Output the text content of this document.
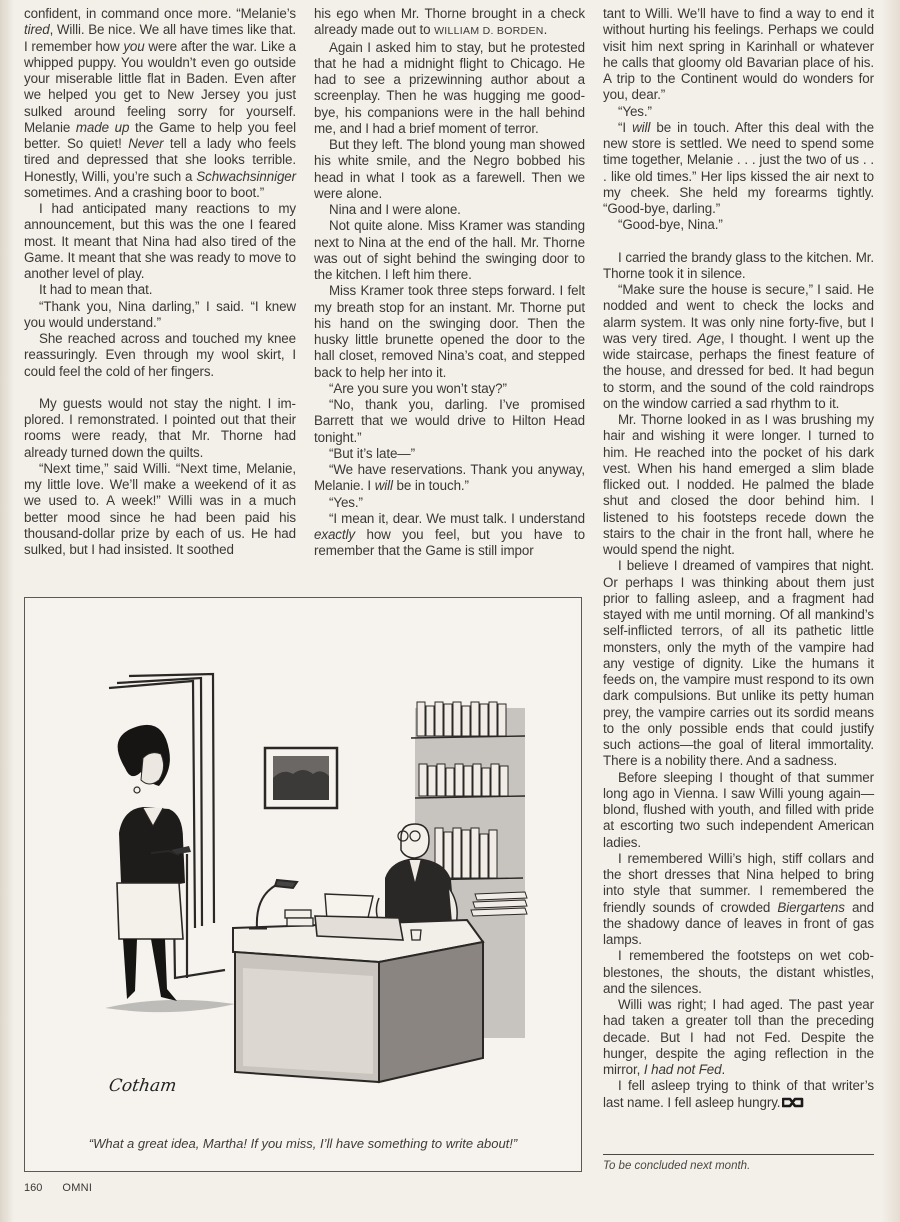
confident, in command once more. “Melanie’s tired, Willi. Be nice. We all have times like that. I remember how you were after the war. Like a whipped puppy. You wouldn’t even go outside your miserable little flat in Baden. Even after we helped you get to New Jersey you just sulked around feeling sorry for yourself. Melanie made up the Game to help you feel better. So quiet! Never tell a lady who feels tired and depressed that she looks terrible. Honestly, Willi, you’re such a Schwachsinniger sometimes. And a crashing boor to boot.”

I had anticipated many reactions to my announcement, but this was the one I feared most. It meant that Nina had also tired of the Game. It meant that she was ready to move to another level of play.

It had to mean that.

“Thank you, Nina darling,” I said. “I knew you would understand.”

She reached across and touched my knee reassuringly. Even through my wool skirt, I could feel the cold of her fingers.

My guests would not stay the night. I implored. I remonstrated. I pointed out that their rooms were ready, that Mr. Thorne had already turned down the quilts.

“Next time,” said Willi. “Next time, Melanie, my little love. We’ll make a weekend of it as we used to. A week!” Willi was in a much better mood since he had been paid his thousand-dollar prize by each of us. He had sulked, but I had insisted. It soothed

his ego when Mr. Thorne brought in a check already made out to WILLIAM D. BORDEN.

Again I asked him to stay, but he protested that he had a midnight flight to Chicago. He had to see a prizewinning author about a screenplay. Then he was hugging me good-bye, his companions were in the hall behind me, and I had a brief moment of terror.

But they left. The blond young man showed his white smile, and the Negro bobbed his head in what I took as a farewell. Then we were alone.

Nina and I were alone.

Not quite alone. Miss Kramer was standing next to Nina at the end of the hall. Mr. Thorne was out of sight behind the swinging door to the kitchen. I left him there.

Miss Kramer took three steps forward. I felt my breath stop for an instant. Mr. Thorne put his hand on the swinging door. Then the husky little brunette opened the door to the hall closet, removed Nina’s coat, and stepped back to help her into it.

“Are you sure you won’t stay?”

“No, thank you, darling. I’ve promised Barrett that we would drive to Hilton Head tonight.”

“But it’s late—”

“We have reservations. Thank you anyway, Melanie. I will be in touch.”

“Yes.”

“I mean it, dear. We must talk. I understand exactly how you feel, but you have to remember that the Game is still impor

tant to Willi. We’ll have to find a way to end it without hurting his feelings. Perhaps we could visit him next spring in Karinhall or whatever he calls that gloomy old Bavarian place of his. A trip to the Continent would do wonders for you, dear.”

“Yes.”

“I will be in touch. After this deal with the new store is settled. We need to spend some time together, Melanie . . . just the two of us . . . like old times.” Her lips kissed the air next to my cheek. She held my forearms tightly. “Good-bye, darling.”

“Good-bye, Nina.”

I carried the brandy glass to the kitchen. Mr. Thorne took it in silence.

“Make sure the house is secure,” I said. He nodded and went to check the locks and alarm system. It was only nine forty-five, but I was very tired. Age, I thought. I went up the wide staircase, perhaps the finest feature of the house, and dressed for bed. It had begun to storm, and the sound of the cold raindrops on the window carried a sad rhythm to it.

Mr. Thorne looked in as I was brushing my hair and wishing it were longer. I turned to him. He reached into the pocket of his dark vest. When his hand emerged a slim blade flicked out. I nodded. He palmed the blade shut and closed the door behind him. I listened to his footsteps recede down the stairs to the chair in the front hall, where he would spend the night.

I believe I dreamed of vampires that night. Or perhaps I was thinking about them just prior to falling asleep, and a fragment had stayed with me until morning. Of all mankind’s self-inflicted terrors, of all its pathetic little monsters, only the myth of the vampire had any vestige of dignity. Like the humans it feeds on, the vampire must respond to its own dark compulsions. But unlike its petty human prey, the vampire carries out its sordid means to the only possible ends that could justify such actions—the goal of literal immortality. There is a nobility there. And a sadness.

Before sleeping I thought of that summer long ago in Vienna. I saw Willi young again—blond, flushed with youth, and filled with pride at escorting two such independent American ladies.

I remembered Willi’s high, stiff collars and the short dresses that Nina helped to bring into style that summer. I remembered the friendly sounds of crowded Biergartens and the shadowy dance of leaves in front of gas lamps.

I remembered the footsteps on wet cobblestones, the shouts, the distant whistles, and the silences.

Willi was right; I had aged. The past year had taken a greater toll than the preceding decade. But I had not Fed. Despite the hunger, despite the aging reflection in the mirror, I had not Fed.

I fell asleep trying to think of that writer’s last name. I fell asleep hungry.

To be concluded next month.
Cotham
“What a great idea, Martha! If you miss, I’ll have something to write about!”
160 OMNI
